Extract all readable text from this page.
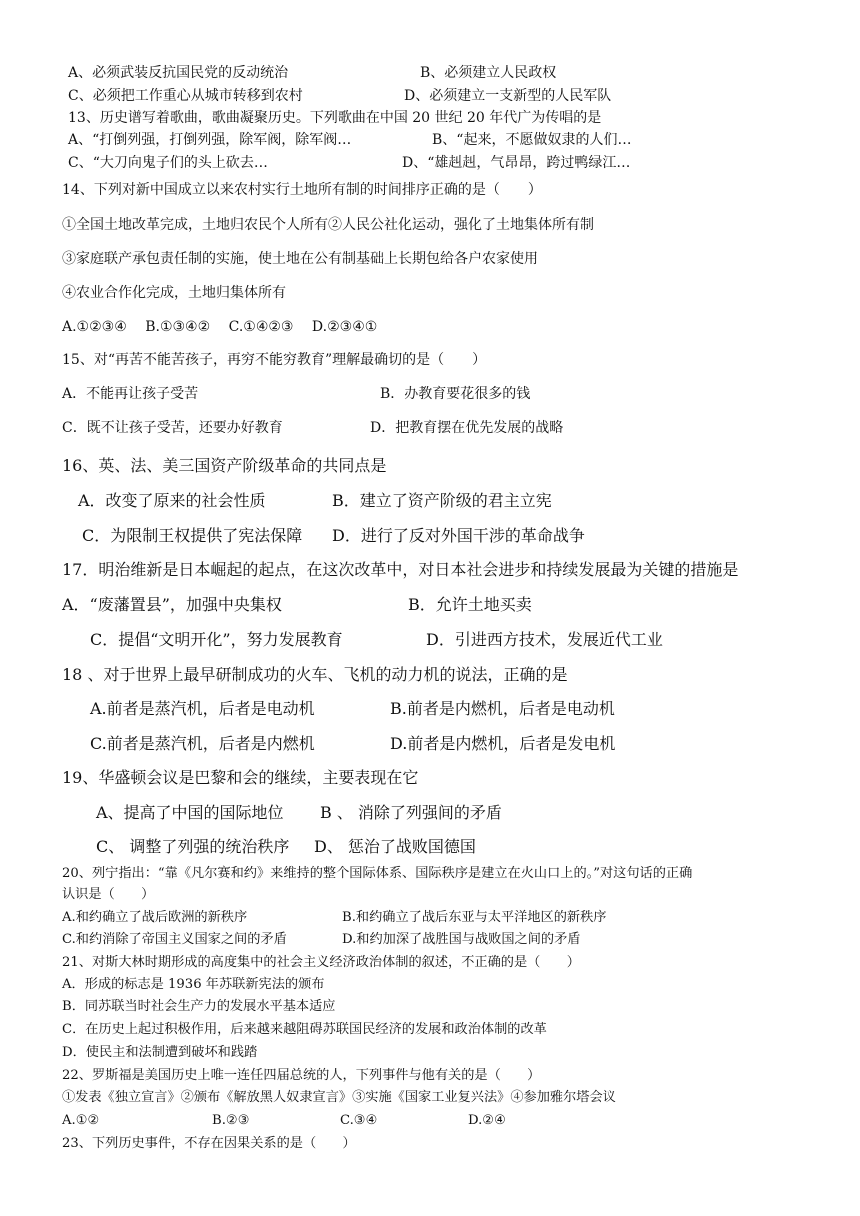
A、必须武装反抗国民党的反动统治	B、必须建立人民政权
C、必须把工作重心从城市转移到农村	D、必须建立一支新型的人民军队
13、历史谱写着歌曲，歌曲凝聚历史。下列歌曲在中国 20 世纪 20 年代广为传唱的是
A、“打倒列强，打倒列强，除军阀，除军阀…	B、“起来，不愿做奴隶的人们…
C、“大刀向鬼子们的头上砍去…	D、“雄赳赳，气昂昂，跨过鸭绿江…
14、下列对新中国成立以来农村实行土地所有制的时间排序正确的是（　　）
①全国土地改革完成，土地归农民个人所有②人民公社化运动，强化了土地集体所有制
③家庭联产承包责任制的实施，使土地在公有制基础上长期包给各户农家使用
④农业合作化完成，土地归集体所有
A.①②③④　 B.①③④②　 C.①④②③　 D.②③④①
15、对“再苦不能苦孩子，再穷不能穷教育”理解最确切的是（　　）
A．不能再让孩子受苦	B．办教育要花很多的钱
C．既不让孩子受苦，还要办好教育	D．把教育摆在优先发展的战略
16、英、法、美三国资产阶级革命的共同点是
A．改变了原来的社会性质	B．建立了资产阶级的君主立宪
C．为限制王权提供了宪法保障 D．进行了反对外国干涉的革命战争
17．明治维新是日本崛起的起点，在这次改革中，对日本社会进步和持续发展最为关键的措施是
A．“废藩置县”，加强中央集权	B．允许土地买卖
C．提倡“文明开化”，努力发展教育	D．引进西方技术，发展近代工业
18 、对于世界上最早研制成功的火车、飞机的动力机的说法，正确的是
A.前者是蒸汽机，后者是电动机	B.前者是内燃机，后者是电动机
C.前者是蒸汽机，后者是内燃机	D.前者是内燃机，后者是发电机
19、华盛顿会议是巴黎和会的继续，主要表现在它
A、提高了中国的国际地位 B 、 消除了列强间的矛盾
C、 调整了列强的统治秩序 D、 惩治了战败国德国
20、列宁指出：“靠《凡尔赛和约》来维持的整个国际体系、国际秩序是建立在火山口上的。”对这句话的正确
认识是（　　）
A.和约确立了战后欧洲的新秩序	B.和约确立了战后东亚与太平洋地区的新秩序
C.和约消除了帝国主义国家之间的矛盾	D.和约加深了战胜国与战败国之间的矛盾
21、对斯大林时期形成的高度集中的社会主义经济政治体制的叙述，不正确的是（　　）
A．形成的标志是 1936 年苏联新宪法的颁布
B．同苏联当时社会生产力的发展水平基本适应
C．在历史上起过积极作用，后来越来越阻碍苏联国民经济的发展和政治体制的改革
D．使民主和法制遭到破坏和践踏
22、罗斯福是美国历史上唯一连任四届总统的人，下列事件与他有关的是（　　）
①发表《独立宣言》②颁布《解放黑人奴隶宣言》③实施《国家工业复兴法》④参加雅尔塔会议
A.①②	B.②③	C.③④	D.②④
23、下列历史事件，不存在因果关系的是（　　）
